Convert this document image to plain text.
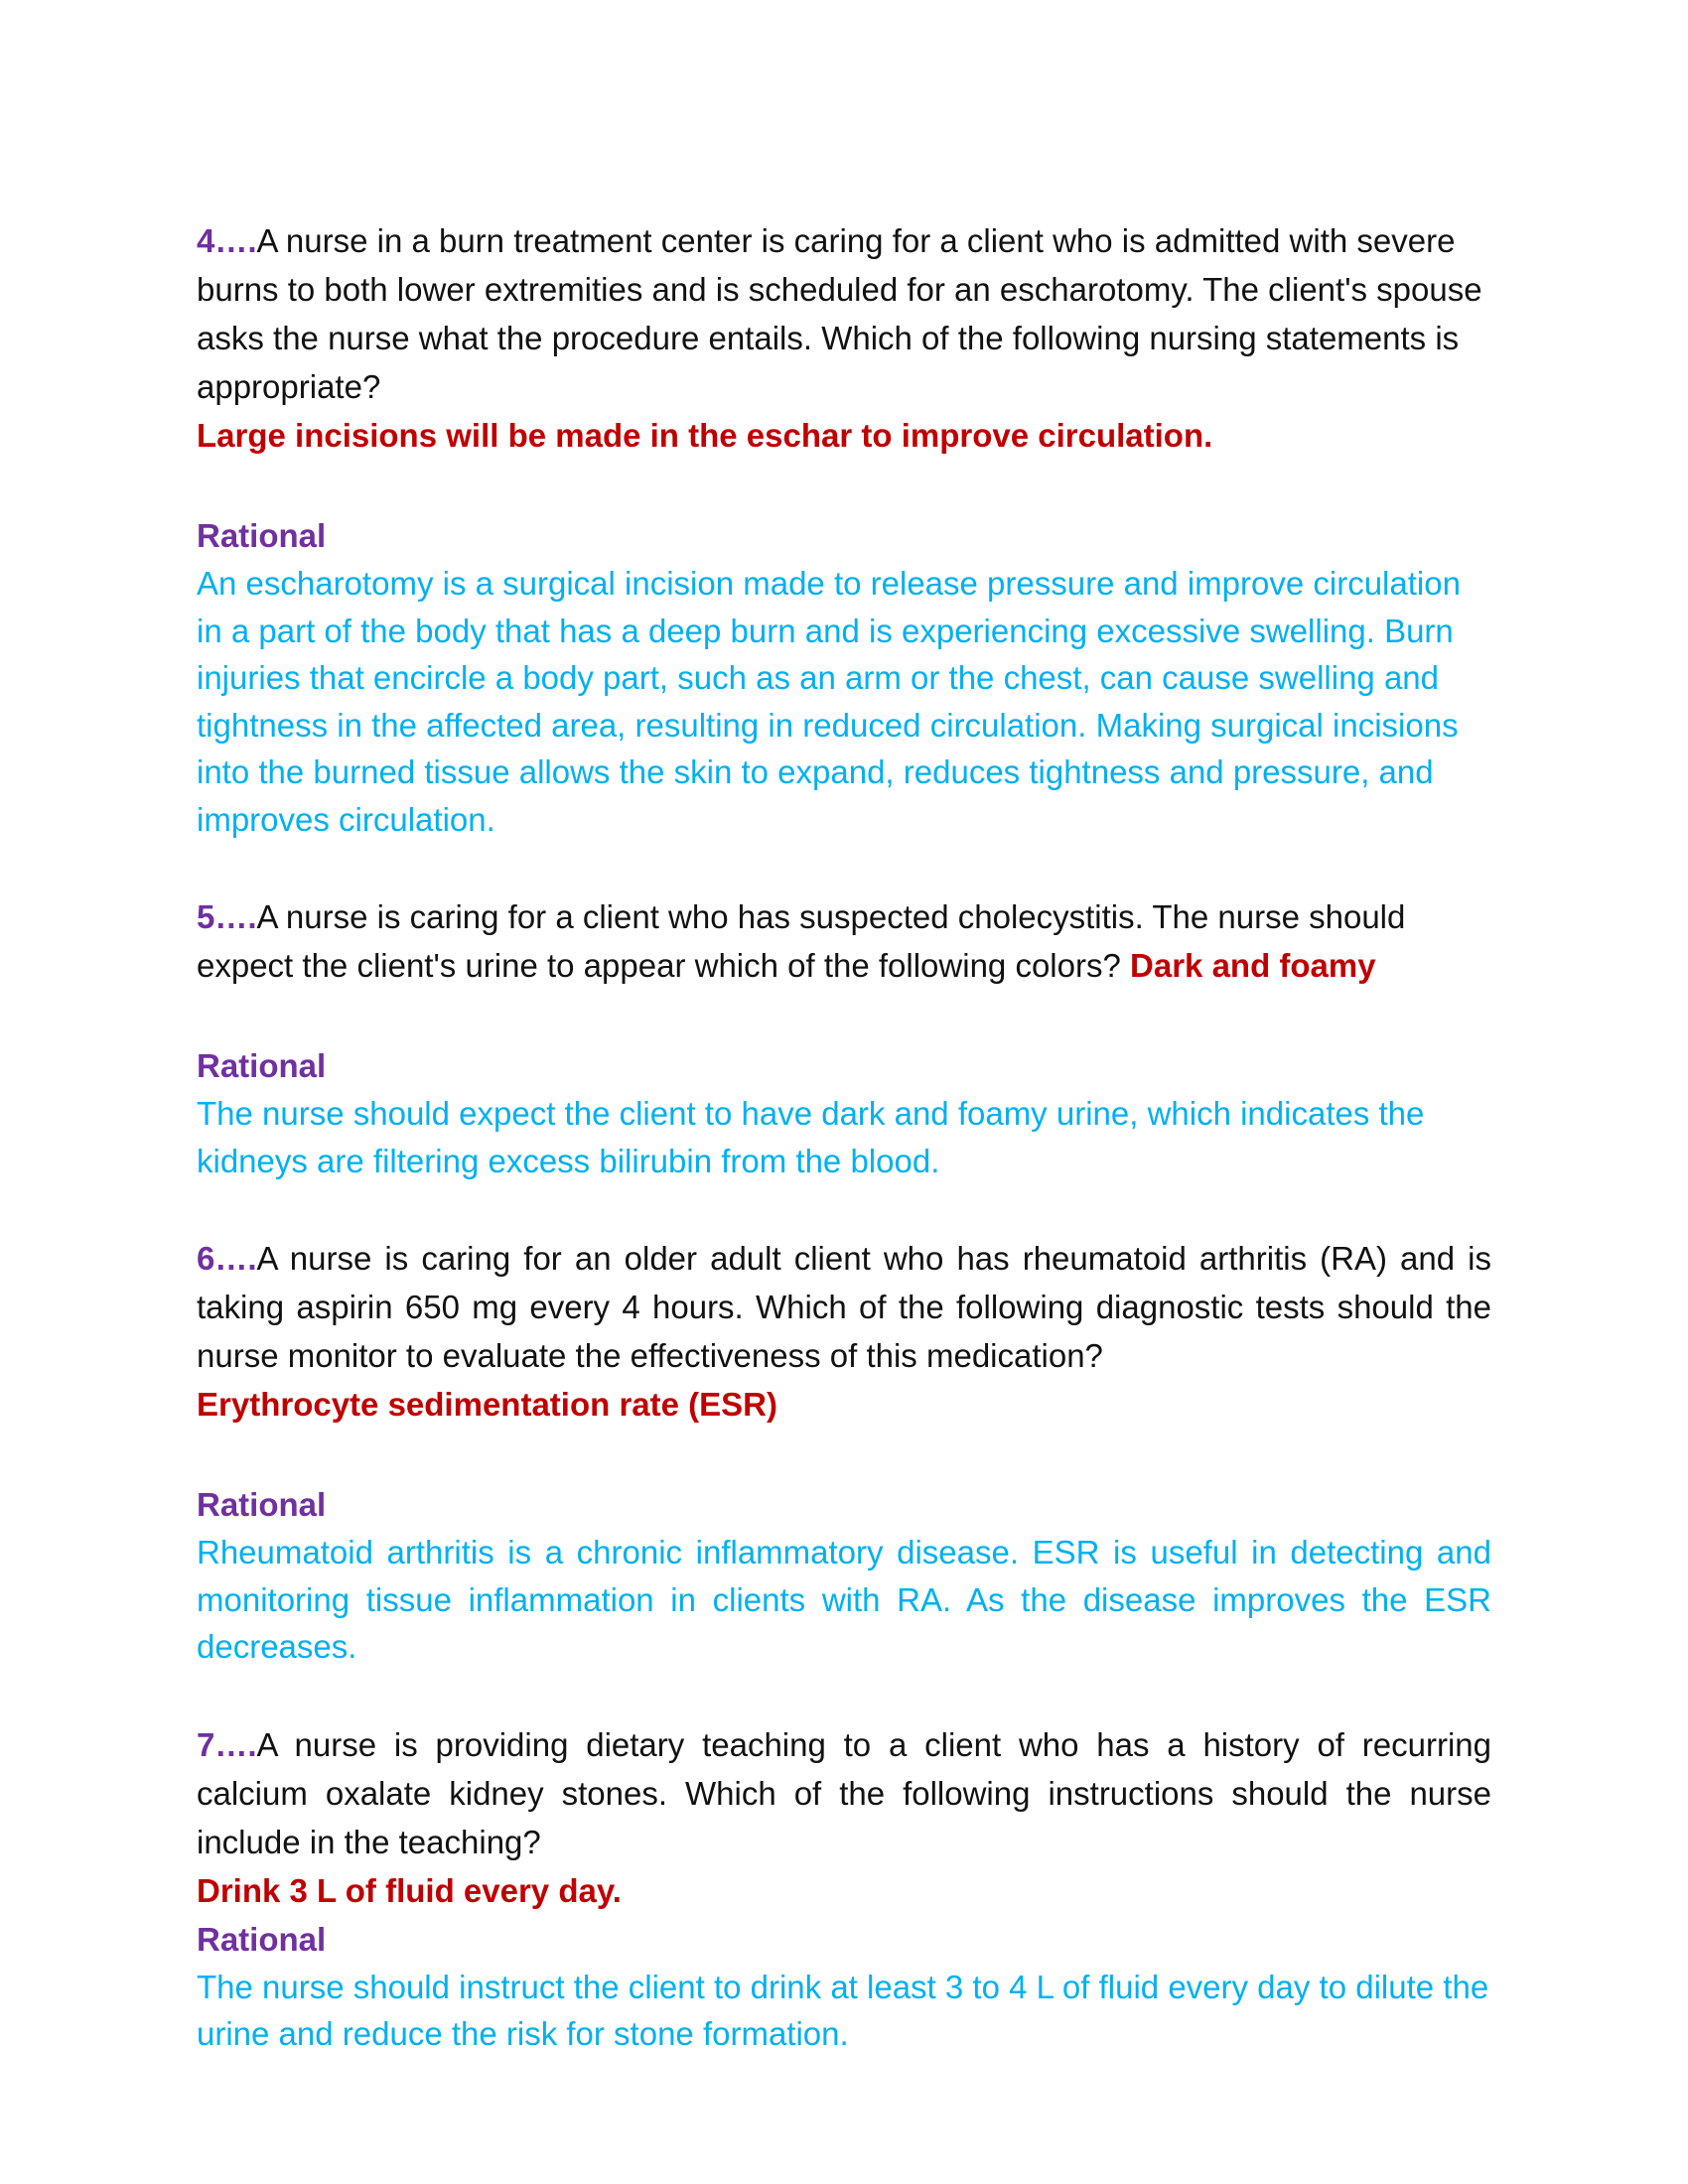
4….A nurse in a burn treatment center is caring for a client who is admitted with severe burns to both lower extremities and is scheduled for an escharotomy. The client's spouse asks the nurse what the procedure entails. Which of the following nursing statements is appropriate?

Large incisions will be made in the eschar to improve circulation.

Rational

An escharotomy is a surgical incision made to release pressure and improve circulation in a part of the body that has a deep burn and is experiencing excessive swelling. Burn injuries that encircle a body part, such as an arm or the chest, can cause swelling and tightness in the affected area, resulting in reduced circulation. Making surgical incisions into the burned tissue allows the skin to expand, reduces tightness and pressure, and improves circulation.

5….A nurse is caring for a client who has suspected cholecystitis. The nurse should expect the client's urine to appear which of the following colors? Dark and foamy

Rational

The nurse should expect the client to have dark and foamy urine, which indicates the kidneys are filtering excess bilirubin from the blood.

6….A nurse is caring for an older adult client who has rheumatoid arthritis (RA) and is taking aspirin 650 mg every 4 hours. Which of the following diagnostic tests should the nurse monitor to evaluate the effectiveness of this medication?

Erythrocyte sedimentation rate (ESR)

Rational

Rheumatoid arthritis is a chronic inflammatory disease. ESR is useful in detecting and monitoring tissue inflammation in clients with RA. As the disease improves the ESR decreases.

7….A nurse is providing dietary teaching to a client who has a history of recurring calcium oxalate kidney stones. Which of the following instructions should the nurse include in the teaching?

Drink 3 L of fluid every day.

Rational

The nurse should instruct the client to drink at least 3 to 4 L of fluid every day to dilute the urine and reduce the risk for stone formation.
